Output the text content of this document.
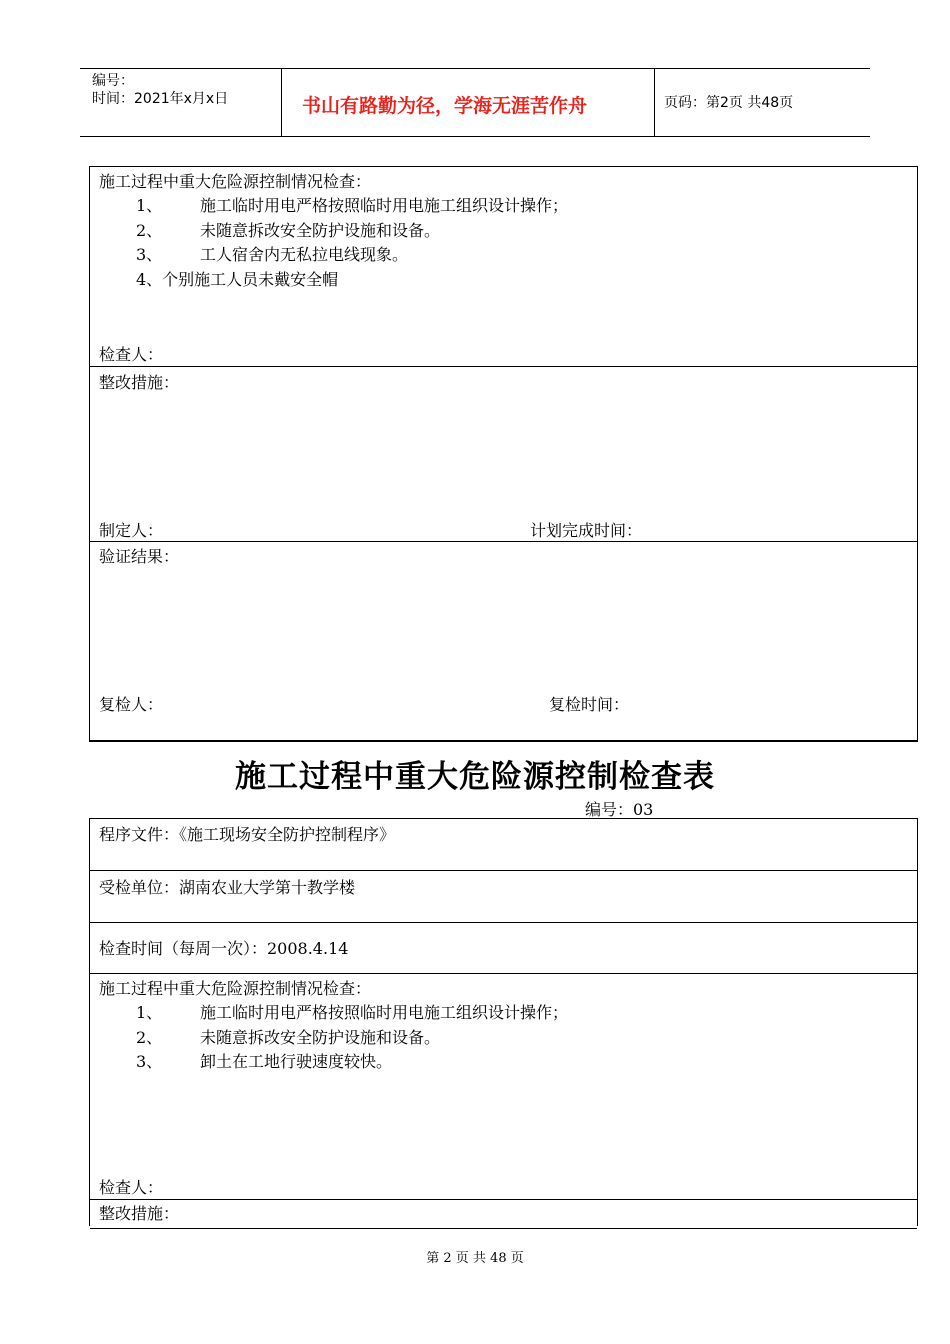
编号：
时间：2021年x月x日	书山有路勤为径，学海无涯苦作舟	页码：第2页 共48页
施工过程中重大危险源控制情况检查：
1、 施工临时用电严格按照临时用电施工组织设计操作；
2、 未随意拆改安全防护设施和设备。
3、 工人宿舍内无私拉电线现象。
4、个别施工人员未戴安全帽
检查人：
整改措施：
制定人：	计划完成时间：
验证结果：
复检人：	复检时间：
施工过程中重大危险源控制检查表
编号：03
程序文件：《施工现场安全防护控制程序》
受检单位：湖南农业大学第十教学楼
检查时间（每周一次）：2008.4.14
施工过程中重大危险源控制情况检查：
1、 施工临时用电严格按照临时用电施工组织设计操作；
2、 未随意拆改安全防护设施和设备。
3、 卸土在工地行驶速度较快。
检查人：
整改措施：
第 2 页 共 48 页
